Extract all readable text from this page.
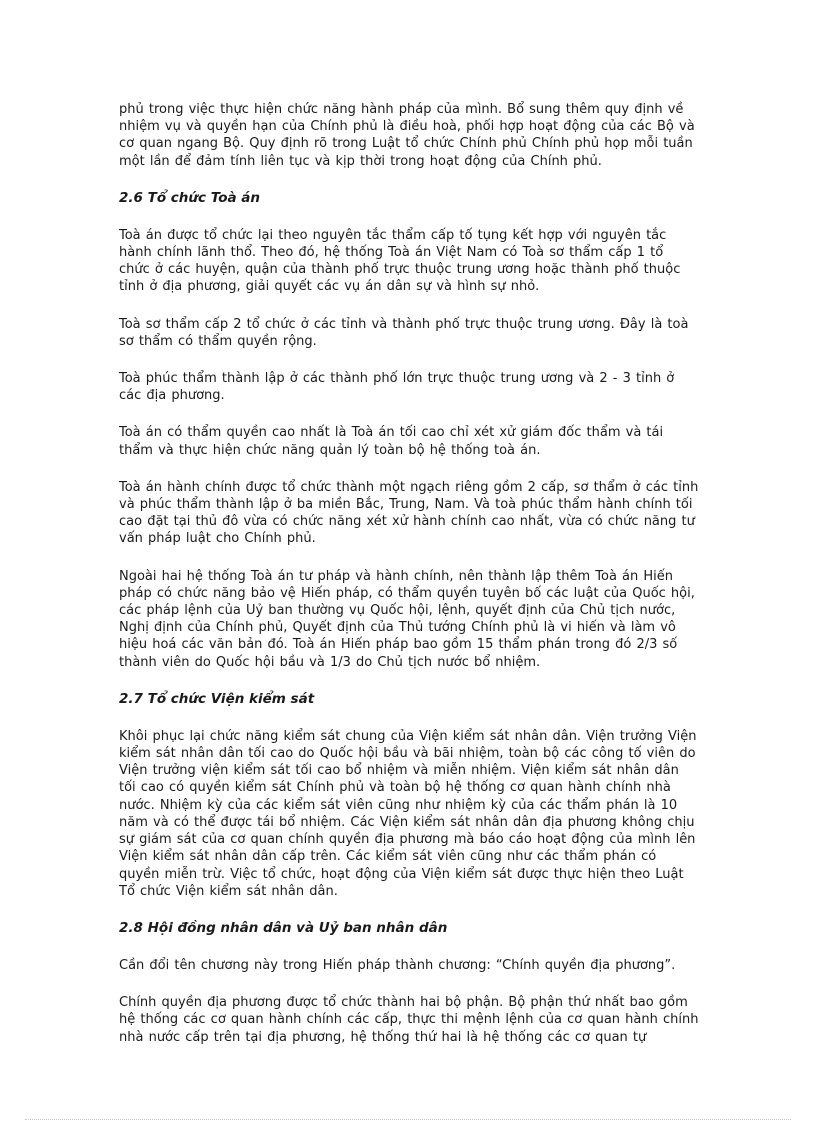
phủ trong việc thực hiện chức năng hành pháp của mình. Bổ sung thêm quy định về nhiệm vụ và quyền hạn của Chính phủ là điều hoà, phối hợp hoạt động của các Bộ và cơ quan ngang Bộ. Quy định rõ trong Luật tổ chức Chính phủ Chính phủ họp mỗi tuần một lần để đảm tính liên tục và kịp thời trong hoạt động của Chính phủ.

2.6 Tổ chức Toà án

Toà án được tổ chức lại theo nguyên tắc thẩm cấp tố tụng kết hợp với nguyên tắc hành chính lãnh thổ. Theo đó, hệ thống Toà án Việt Nam có Toà sơ thẩm cấp 1 tổ chức ở các huyện, quận của thành phố trực thuộc trung ương hoặc thành phố thuộc tỉnh ở địa phương, giải quyết các vụ án dân sự và hình sự nhỏ.

Toà sơ thẩm cấp 2 tổ chức ở các tỉnh và thành phố trực thuộc trung ương. Đây là toà sơ thẩm có thẩm quyền rộng.

Toà phúc thẩm thành lập ở các thành phố lớn trực thuộc trung ương và 2 - 3 tỉnh ở các địa phương.

Toà án có thẩm quyền cao nhất là Toà án tối cao chỉ xét xử giám đốc thẩm và tái thẩm và thực hiện chức năng quản lý toàn bộ hệ thống toà án.

Toà án hành chính được tổ chức thành một ngạch riêng gồm 2 cấp, sơ thẩm ở các tỉnh và phúc thẩm thành lập ở ba miền Bắc, Trung, Nam. Và toà phúc thẩm hành chính tối cao đặt tại thủ đô vừa có chức năng xét xử hành chính cao nhất, vừa có chức năng tư vấn pháp luật cho Chính phủ.

Ngoài hai hệ thống Toà án tư pháp và hành chính, nên thành lập thêm Toà án Hiến pháp có chức năng bảo vệ Hiến pháp, có thẩm quyền tuyên bố các luật của Quốc hội, các pháp lệnh của Uỷ ban thường vụ Quốc hội, lệnh, quyết định của Chủ tịch nước, Nghị định của Chính phủ, Quyết định của Thủ tướng Chính phủ là vi hiến và làm vô hiệu hoá các văn bản đó. Toà án Hiến pháp bao gồm 15 thẩm phán trong đó 2/3 số thành viên do Quốc hội bầu và 1/3 do Chủ tịch nước bổ nhiệm.

2.7 Tổ chức Viện kiểm sát

Khôi phục lại chức năng kiểm sát chung của Viện kiểm sát nhân dân. Viện trưởng Viện kiểm sát nhân dân tối cao do Quốc hội bầu và bãi nhiệm, toàn bộ các công tố viên do Viện trưởng viện kiểm sát tối cao bổ nhiệm và miễn nhiệm. Viện kiểm sát nhân dân tối cao có quyền kiểm sát Chính phủ và toàn bộ hệ thống cơ quan hành chính nhà nước. Nhiệm kỳ của các kiểm sát viên cũng như nhiệm kỳ của các thẩm phán là 10 năm và có thể được tái bổ nhiệm. Các Viện kiểm sát nhân dân địa phương không chịu sự giám sát của cơ quan chính quyền địa phương mà báo cáo hoạt động của mình lên Viện kiểm sát nhân dân cấp trên. Các kiểm sát viên cũng như các thẩm phán có quyền miễn trừ. Việc tổ chức, hoạt động của Viện kiểm sát được thực hiện theo Luật Tổ chức Viện kiểm sát nhân dân.

2.8 Hội đồng nhân dân và Uỷ ban nhân dân

Cần đổi tên chương này trong Hiến pháp thành chương: “Chính quyền địa phương”.

Chính quyền địa phương được tổ chức thành hai bộ phận. Bộ phận thứ nhất bao gồm hệ thống các cơ quan hành chính các cấp, thực thi mệnh lệnh của cơ quan hành chính nhà nước cấp trên tại địa phương, hệ thống thứ hai là hệ thống các cơ quan tự
